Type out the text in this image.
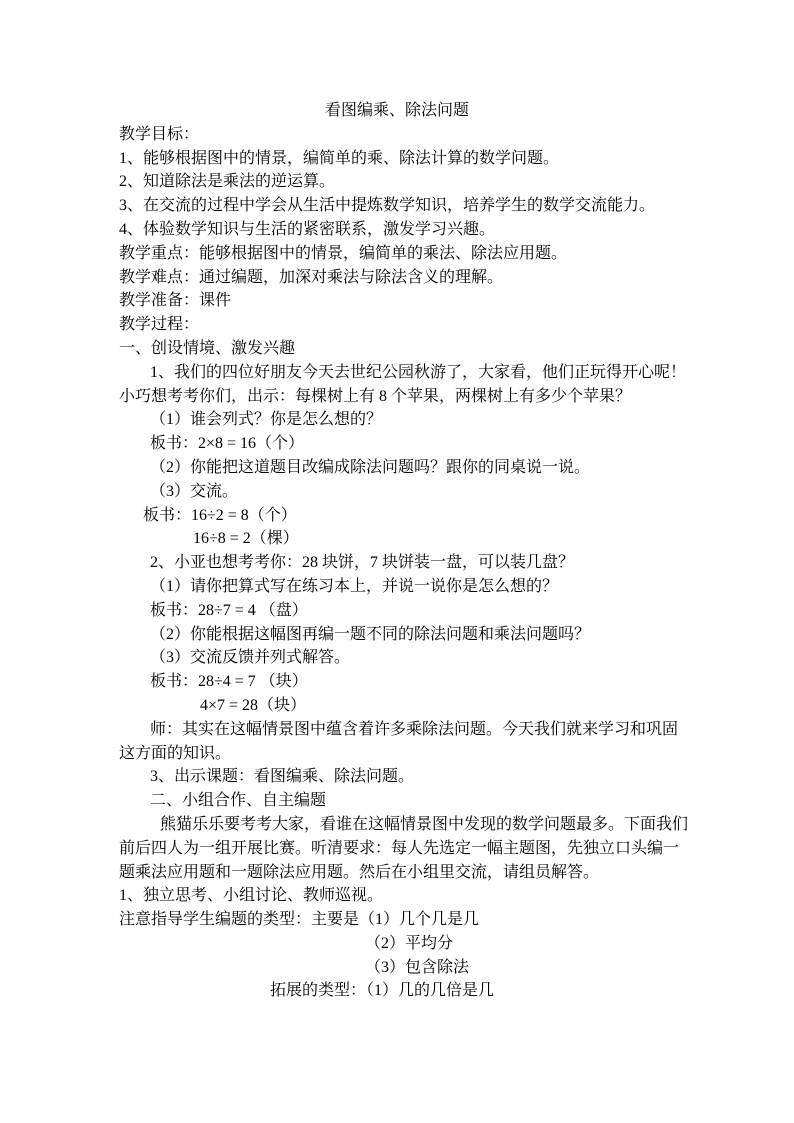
看图编乘、除法问题
教学目标：
1、能够根据图中的情景，编简单的乘、除法计算的数学问题。
2、知道除法是乘法的逆运算。
3、在交流的过程中学会从生活中提炼数学知识，培养学生的数学交流能力。
4、体验数学知识与生活的紧密联系，激发学习兴趣。
教学重点：能够根据图中的情景，编简单的乘法、除法应用题。
教学难点：通过编题，加深对乘法与除法含义的理解。
教学准备：课件
教学过程：
一、创设情境、激发兴趣
1、我们的四位好朋友今天去世纪公园秋游了，大家看，他们正玩得开心呢！
小巧想考考你们，出示：每棵树上有 8 个苹果，两棵树上有多少个苹果？
（1）谁会列式？你是怎么想的？
板书：2×8 = 16（个）
（2）你能把这道题目改编成除法问题吗？跟你的同桌说一说。
（3）交流。
板书：16÷2 = 8（个）
16÷8 = 2（棵）
2、小亚也想考考你：28 块饼，7 块饼装一盘，可以装几盘？
（1）请你把算式写在练习本上，并说一说你是怎么想的？
板书：28÷7 = 4 （盘）
（2）你能根据这幅图再编一题不同的除法问题和乘法问题吗？
（3）交流反馈并列式解答。
板书：28÷4 = 7 （块）
4×7 = 28（块）
师：其实在这幅情景图中蕴含着许多乘除法问题。今天我们就来学习和巩固
这方面的知识。
3、出示课题：看图编乘、除法问题。
二、小组合作、自主编题
熊猫乐乐要考考大家，看谁在这幅情景图中发现的数学问题最多。下面我们
前后四人为一组开展比赛。听清要求：每人先选定一幅主题图，先独立口头编一
题乘法应用题和一题除法应用题。然后在小组里交流，请组员解答。
1、独立思考、小组讨论、教师巡视。
注意指导学生编题的类型：主要是（1）几个几是几
（2）平均分
（3）包含除法
拓展的类型：（1）几的几倍是几
